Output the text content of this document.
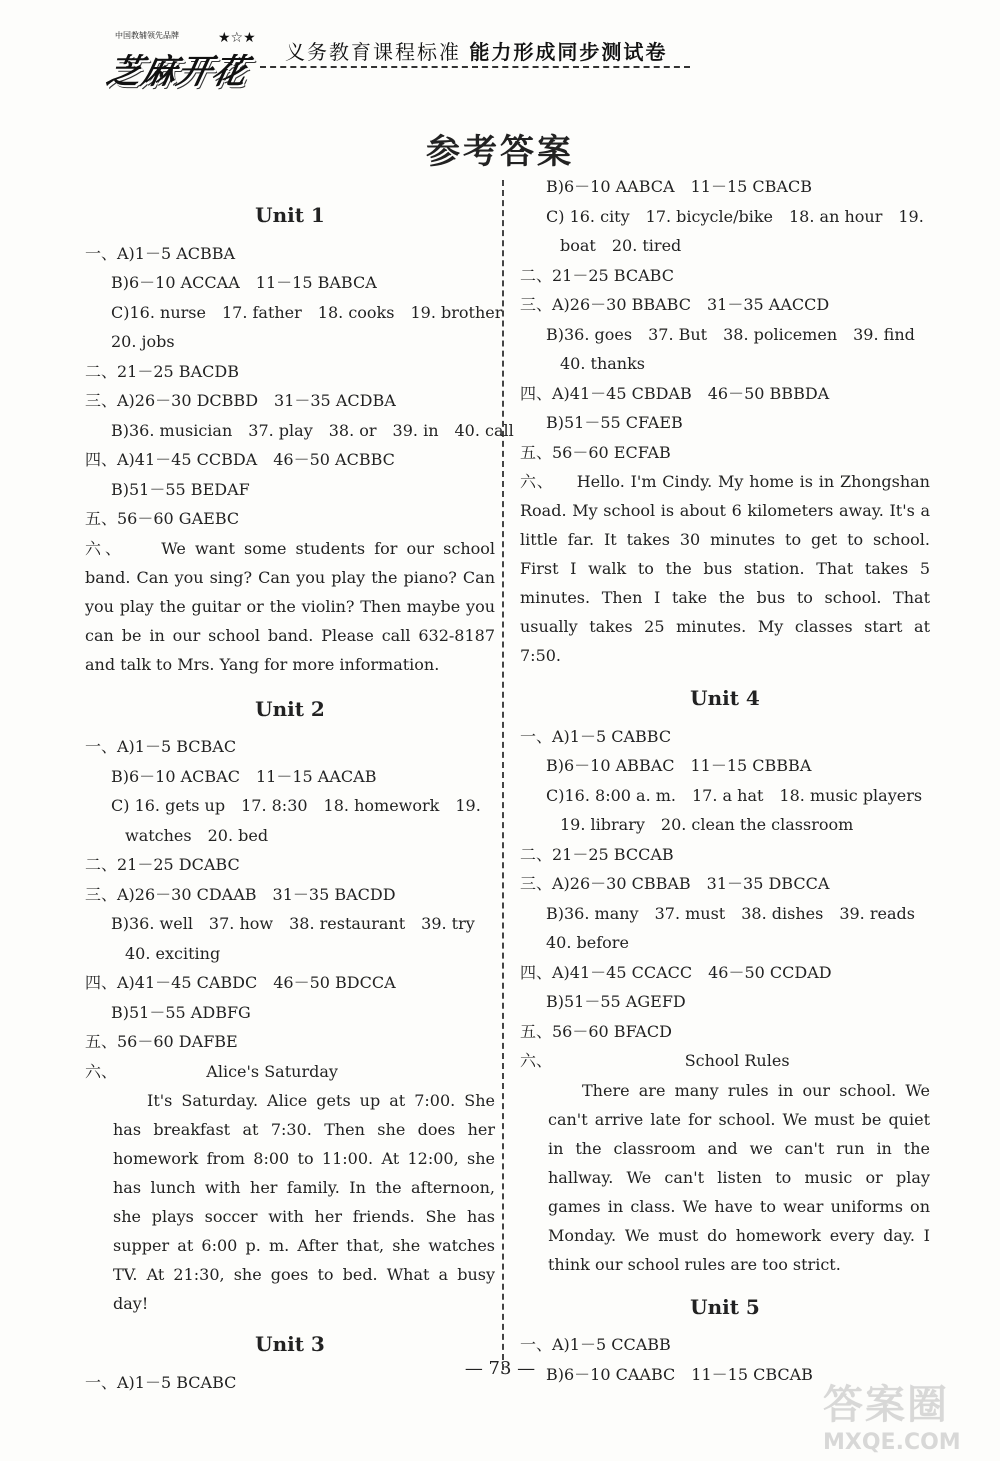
中国教辅领先品牌
芝麻开花
★☆★
义务教育课程标准 能力形成同步测试卷
参考答案
Unit 1
一、A)1－5 ACBBA
B)6－10 ACCAA　11－15 BABCA
C)16. nurse　17. father　18. cooks　19. brother
20. jobs
二、21－25 BACDB
三、A)26－30 DCBBD　31－35 ACDBA
B)36. musician　37. play　38. or　39. in　40. call
四、A)41－45 CCBDA　46－50 ACBBC
B)51－55 BEDAF
五、56－60 GAEBC
六、 We want some students for our school band. Can you sing? Can you play the piano? Can you play the guitar or the violin? Then maybe you can be in our school band. Please call 632-8187 and talk to Mrs. Yang for more information.
Unit 2
一、A)1－5 BCBAC
B)6－10 ACBAC　11－15 AACAB
C) 16. gets up　17. 8:30　18. homework　19.
watches　20. bed
二、21－25 DCABC
三、A)26－30 CDAAB　31－35 BACDD
B)36. well　37. how　38. restaurant　39. try
40. exciting
四、A)41－45 CABDC　46－50 BDCCA
B)51－55 ADBFG
五、56－60 DAFBE
六、	Alice's Saturday
It's Saturday. Alice gets up at 7:00. She has breakfast at 7:30. Then she does her homework from 8:00 to 11:00. At 12:00, she has lunch with her family. In the afternoon, she plays soccer with her friends. She has supper at 6:00 p. m. After that, she watches TV. At 21:30, she goes to bed. What a busy day!
Unit 3
一、A)1－5 BCABC
B)6－10 AABCA　11－15 CBACB
C) 16. city　17. bicycle/bike　18. an hour　19.
boat　20. tired
二、21－25 BCABC
三、A)26－30 BBABC　31－35 AACCD
B)36. goes　37. But　38. policemen　39. find
40. thanks
四、A)41－45 CBDAB　46－50 BBBDA
B)51－55 CFAEB
五、56－60 ECFAB
六、 Hello. I'm Cindy. My home is in Zhongshan Road. My school is about 6 kilometers away. It's a little far. It takes 30 minutes to get to school. First I walk to the bus station. That takes 5 minutes. Then I take the bus to school. That usually takes 25 minutes. My classes start at 7:50.
Unit 4
一、A)1－5 CABBC
B)6－10 ABBAC　11－15 CBBBA
C)16. 8:00 a. m.　17. a hat　18. music players
19. library　20. clean the classroom
二、21－25 BCCAB
三、A)26－30 CBBAB　31－35 DBCCA
B)36. many　37. must　38. dishes　39. reads
40. before
四、A)41－45 CCACC　46－50 CCDAD
B)51－55 AGEFD
五、56－60 BFACD
六、	School Rules
There are many rules in our school. We can't arrive late for school. We must be quiet in the classroom and we can't run in the hallway. We can't listen to music or play games in class. We have to wear uniforms on Monday. We must do homework every day. I think our school rules are too strict.
Unit 5
一、A)1－5 CCABB
B)6－10 CAABC　11－15 CBCAB
— 73 —
答案圈
MXQE.COM
